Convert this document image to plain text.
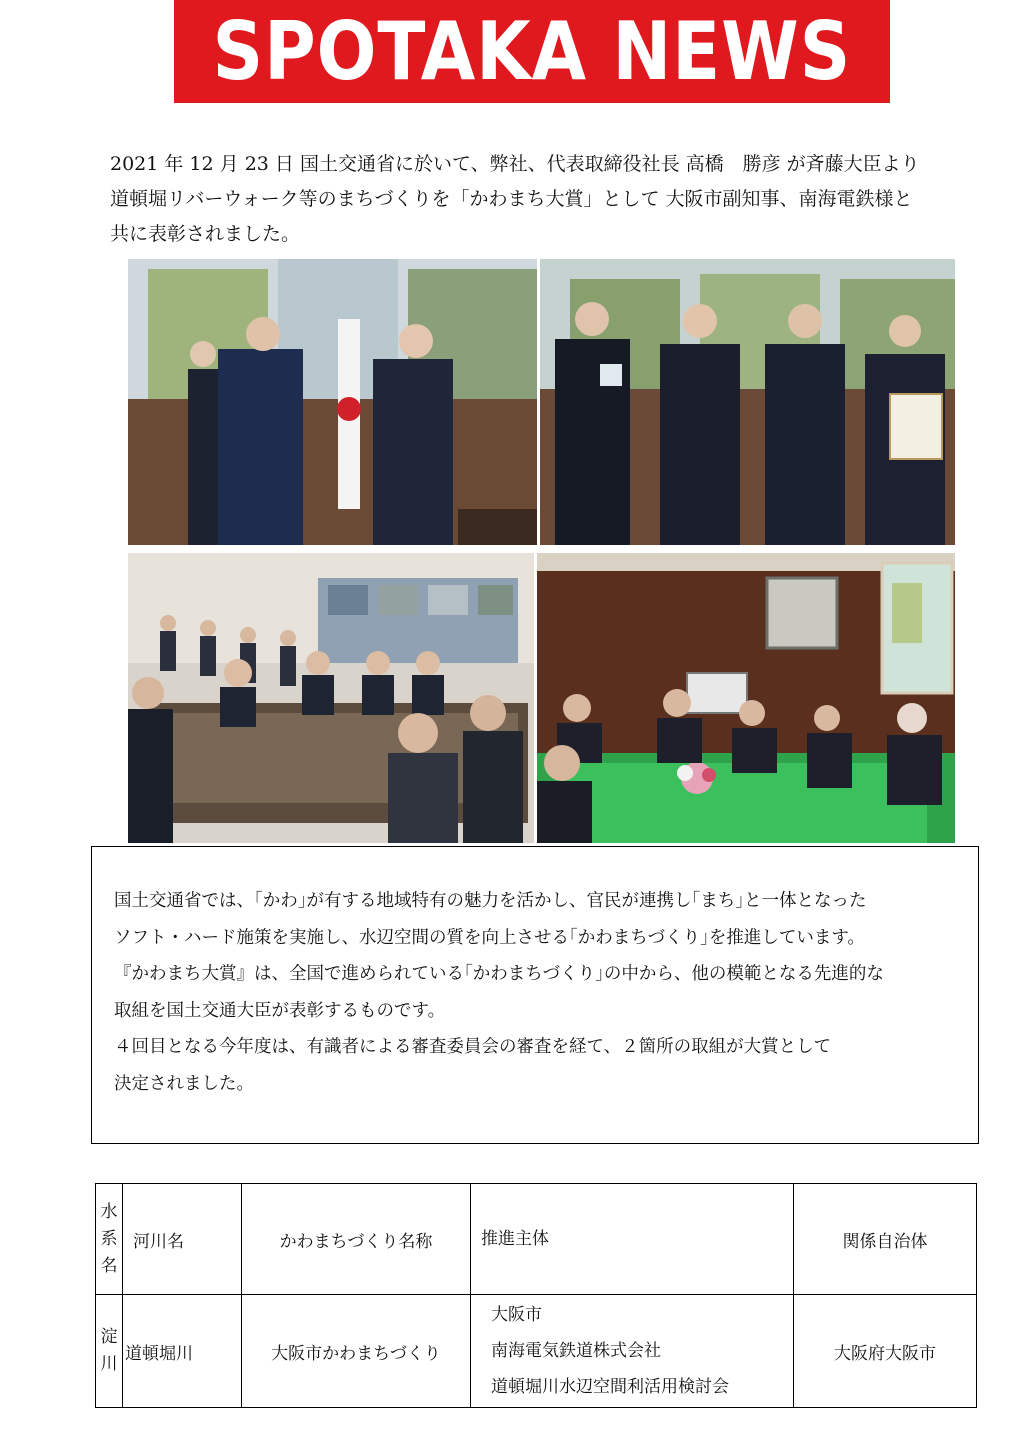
SPOTAKA NEWS
2021 年 12 月 23 日 国土交通省に於いて、弊社、代表取締役社長 高橋　勝彦 が斉藤大臣より
道頓堀リバーウォーク等のまちづくりを「かわまち大賞」として 大阪市副知事、南海電鉄様と
共に表彰されました。
国土交通省では、｢かわ｣が有する地域特有の魅力を活かし、官民が連携し｢まち｣と一体となった
ソフト・ハード施策を実施し、水辺空間の質を向上させる｢かわまちづくり｣を推進しています。
『かわまち大賞』は、全国で進められている｢かわまちづくり｣の中から、他の模範となる先進的な
取組を国土交通大臣が表彰するものです。
４回目となる今年度は、有識者による審査委員会の審査を経て、２箇所の取組が大賞として
決定されました。
水
系
名	河川名	かわまちづくり名称	推進主体	関係自治体

淀
川	道頓堀川	大阪市かわまちづくり	大阪市
南海電気鉄道株式会社
道頓堀川水辺空間利活用検討会	大阪府大阪市
